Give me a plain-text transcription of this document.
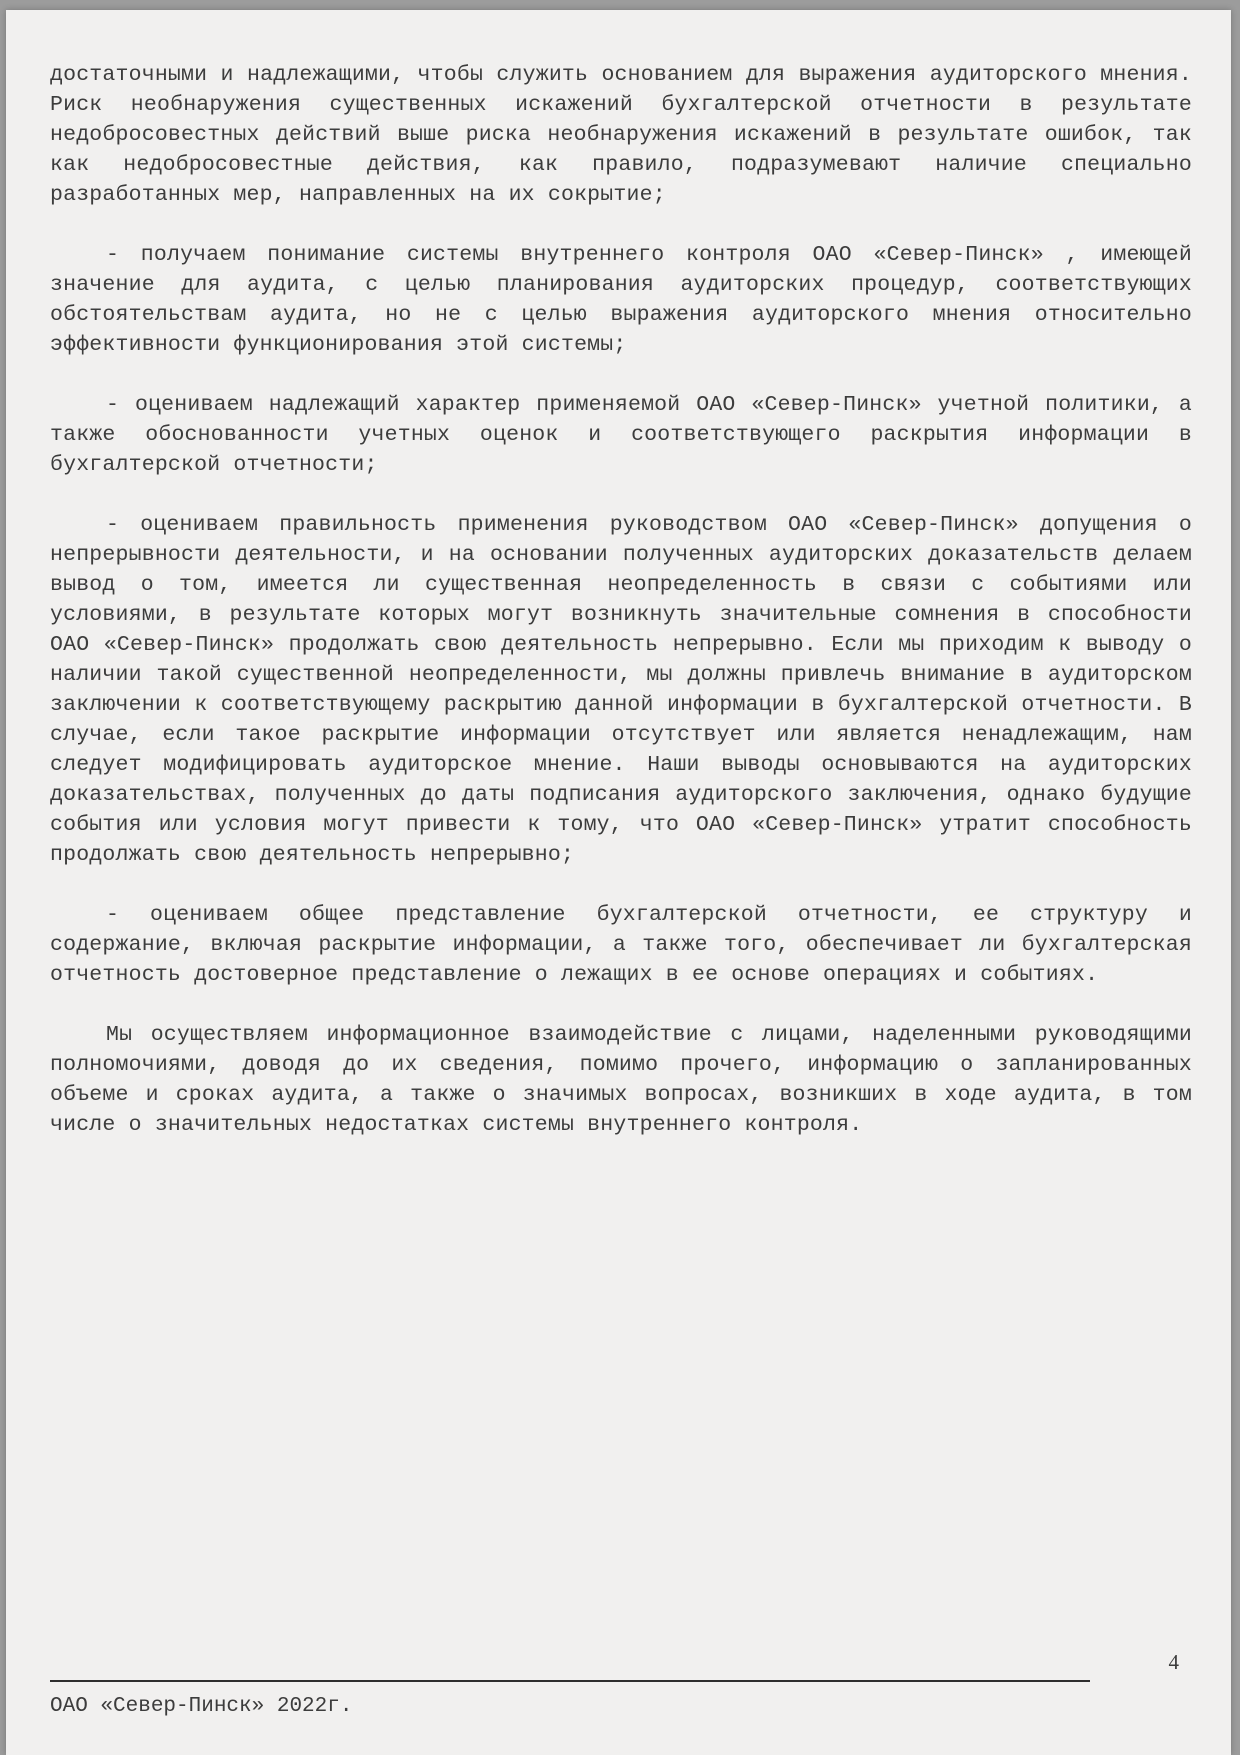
достаточными и надлежащими, чтобы служить основанием для выражения аудиторского мнения. Риск необнаружения существенных искажений бухгалтерской отчетности в результате недобросовестных действий выше риска необнаружения искажений в результате ошибок, так как недобросовестные действия, как правило, подразумевают наличие специально разработанных мер, направленных на их сокрытие;

- получаем понимание системы внутреннего контроля ОАО «Север-Пинск» , имеющей значение для аудита, с целью планирования аудиторских процедур, соответствующих обстоятельствам аудита, но не с целью выражения аудиторского мнения относительно эффективности функционирования этой системы;

- оцениваем надлежащий характер применяемой ОАО «Север-Пинск» учетной политики, а также обоснованности учетных оценок и соответствующего раскрытия информации в бухгалтерской отчетности;

- оцениваем правильность применения руководством ОАО «Север-Пинск» допущения о непрерывности деятельности, и на основании полученных аудиторских доказательств делаем вывод о том, имеется ли существенная неопределенность в связи с событиями или условиями, в результате которых могут возникнуть значительные сомнения в способности ОАО «Север-Пинск» продолжать свою деятельность непрерывно. Если мы приходим к выводу о наличии такой существенной неопределенности, мы должны привлечь внимание в аудиторском заключении к соответствующему раскрытию данной информации в бухгалтерской отчетности. В случае, если такое раскрытие информации отсутствует или является ненадлежащим, нам следует модифицировать аудиторское мнение. Наши выводы основываются на аудиторских доказательствах, полученных до даты подписания аудиторского заключения, однако будущие события или условия могут привести к тому, что ОАО «Север-Пинск» утратит способность продолжать свою деятельность непрерывно;

- оцениваем общее представление бухгалтерской отчетности, ее структуру и содержание, включая раскрытие информации, а также того, обеспечивает ли бухгалтерская отчетность достоверное представление о лежащих в ее основе операциях и событиях.

Мы осуществляем информационное взаимодействие с лицами, наделенными руководящими полномочиями, доводя до их сведения, помимо прочего, информацию о запланированных объеме и сроках аудита, а также о значимых вопросах, возникших в ходе аудита, в том числе о значительных недостатках системы внутреннего контроля.

4
ОАО «Север-Пинск» 2022г.
